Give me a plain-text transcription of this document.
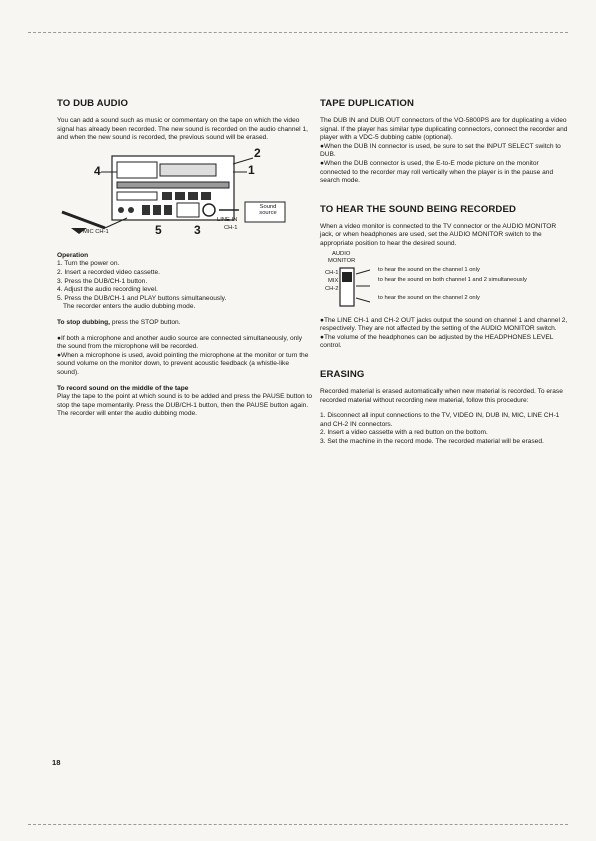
TO DUB AUDIO

You can add a sound such as music or commentary on the tape on which the video signal has already been recorded. The new sound is recorded on the audio channel 1, and when the new sound is recorded, the previous sound will be erased.

2
1
4
5	3
Sound source
LINE IN
CH-1
MIC CH-1

Operation

1. Turn the power on.
2. Insert a recorded video cassette.
3. Press the DUB/CH-1 button.
4. Adjust the audio recording level.
5. Press the DUB/CH-1 and PLAY buttons simultaneously.
The recorder enters the audio dubbing mode.

To stop dubbing, press the STOP button.

●If both a microphone and another audio source are connected simultaneously, only the sound from the microphone will be recorded.

●When a microphone is used, avoid pointing the microphone at the monitor or turn the sound volume on the monitor down, to prevent acoustic feedback (a whistle-like sound).

To record sound on the middle of the tape

Play the tape to the point at which sound is to be added and press the PAUSE button to stop the tape momentarily. Press the DUB/CH-1 button, then the PAUSE button again. The recorder will enter the audio dubbing mode.

TAPE DUPLICATION

The DUB IN and DUB OUT connectors of the VO-5800PS are for duplicating a video signal. If the player has similar type duplicating connectors, connect the recorder and player with a VDC-5 dubbing cable (optional).

●When the DUB IN connector is used, be sure to set the INPUT SELECT switch to DUB.

●When the DUB connector is used, the E-to-E mode picture on the monitor connected to the recorder may roll vertically when the player is in the pause and search mode.

TO HEAR THE SOUND BEING RECORDED

When a video monitor is connected to the TV connector or the AUDIO MONITOR jack, or when headphones are used, set the AUDIO MONITOR switch to the appropriate position to hear the desired sound.

AUDIO
MONITOR
CH-1
MIX
CH-2
to hear the sound on the channel 1 only
to hear the sound on both channel 1 and 2 simultaneously
to hear the sound on the channel 2 only

●The LINE CH-1 and CH-2 OUT jacks output the sound on channel 1 and channel 2, respectively. They are not affected by the setting of the AUDIO MONITOR switch.

●The volume of the headphones can be adjusted by the HEADPHONES LEVEL control.

ERASING

Recorded material is erased automatically when new material is recorded. To erase recorded material without recording new material, follow this procedure:

1. Disconnect all input connections to the TV, VIDEO IN, DUB IN, MIC, LINE CH-1 and CH-2 IN connectors.
2. Insert a video cassette with a red button on the bottom.
3. Set the machine in the record mode. The recorded material will be erased.
18
